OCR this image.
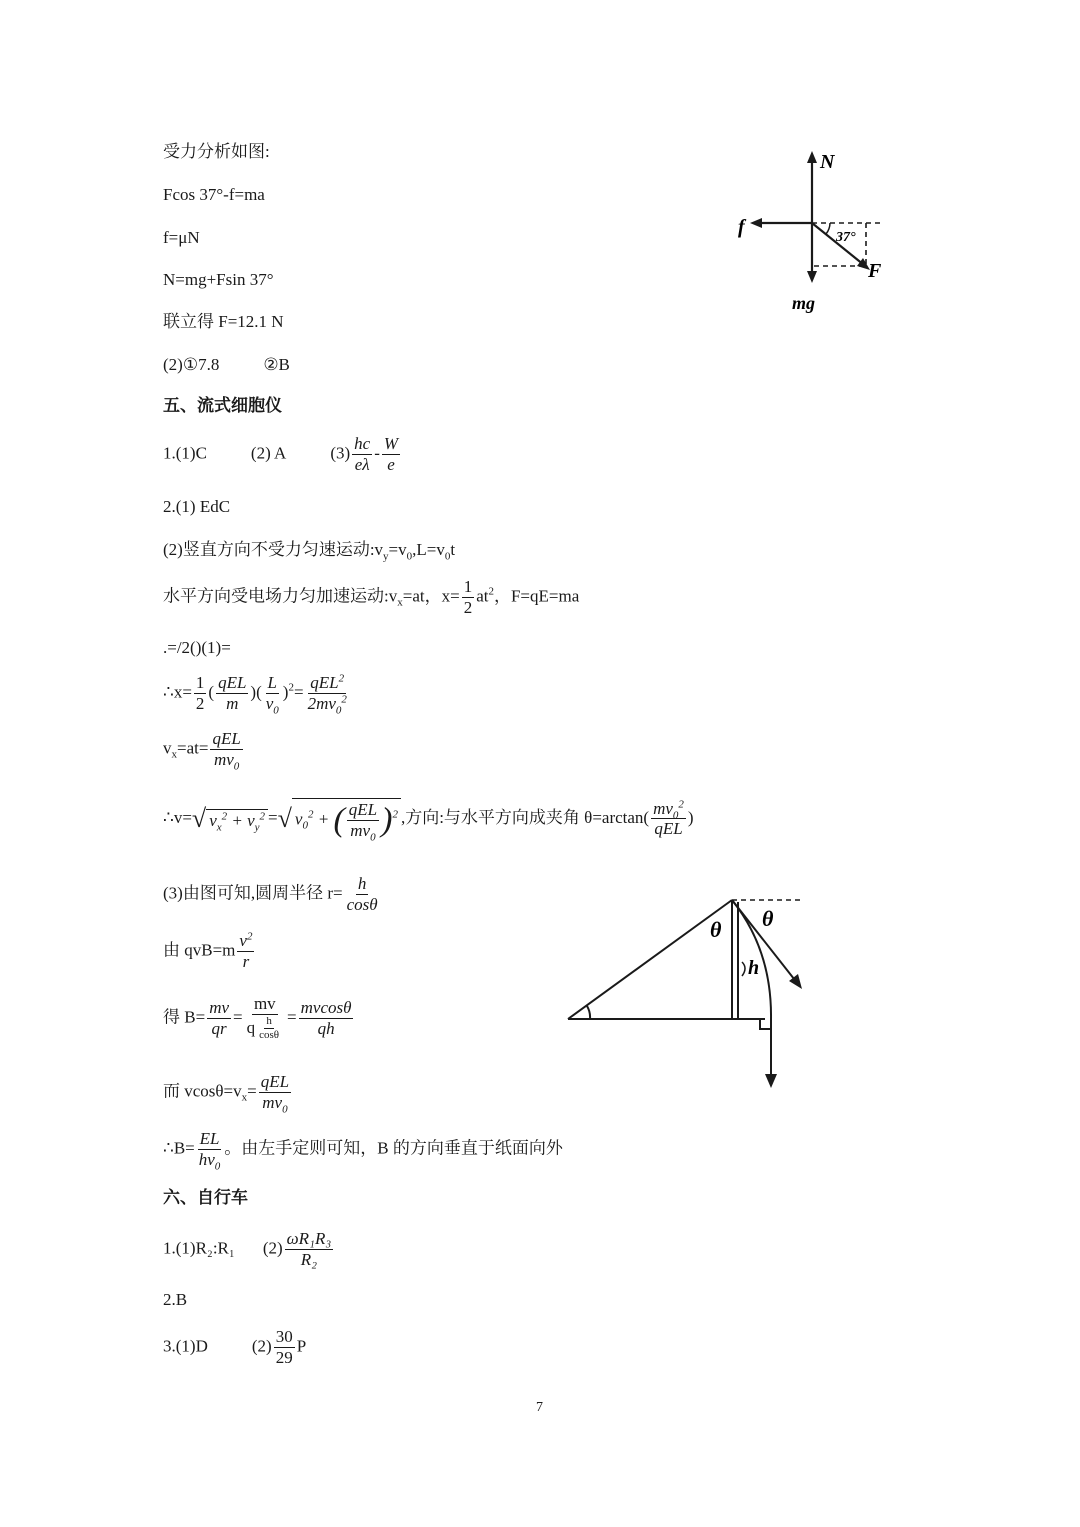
受力分析如图:
Fcos 37°-f=ma
f=μN
N=mg+Fsin 37°
联立得 F=12.1 N
(2)①7.8	②B
N
f
F
mg
37°
五、流式细胞仪
1.(1)C	(2) A	$(3) \frac{hc}{e\lambda} - \frac{W}{e}$
2.(1) EdC
(2)竖直方向不受力匀速运动$:v_y=v_0,L=v_0t$
水平方向受电场力匀加速运动$:v_x=at$，$x= \frac{1}{2} at^2$，F=qE=ma
.=/2()(1)=
∴x= $\frac{1}{2}$ ( $\frac{\text{qEL}}{m}$ )( $\frac{L}{v_0} )^2= \frac{qEL^2}{2mv_0^2}$
$v_x=at= \frac{\text{qEL}}{mv_0}$
∴v=√ $v_x^2 + v_y^2$ =√ $v_0^2$ + ( $\frac{\text{qEL}}{mv_0} )^2$ ,方向:与水平方向成夹角 $\theta=\arctan( \frac{mv_0^2}{\text{qEL}}$ )
(3)由图可知,圆周半径 $r= \frac{h}{\cos\theta}$
由 $qvB=m \frac{v^2}{r}$
得 $B= \frac{mv}{qr} = \frac{mv}{q \frac{h}{\cos\theta}} = \frac{mvcos\theta}{qh}$
而 $vcos\theta=v_x= \frac{\text{qEL}}{mv_0}$
∴B= $\frac{EL}{hv_0}$ 。由左手定则可知，B 的方向垂直于纸面向外
θ θ
h
六、自行车
1.(1)R₂:R₁ $(2) \frac{\text{ωR₁R₃}}{\text{R₂}}$
2.B
3.(1)D	$(2) \frac{30}{29}$ P
7
